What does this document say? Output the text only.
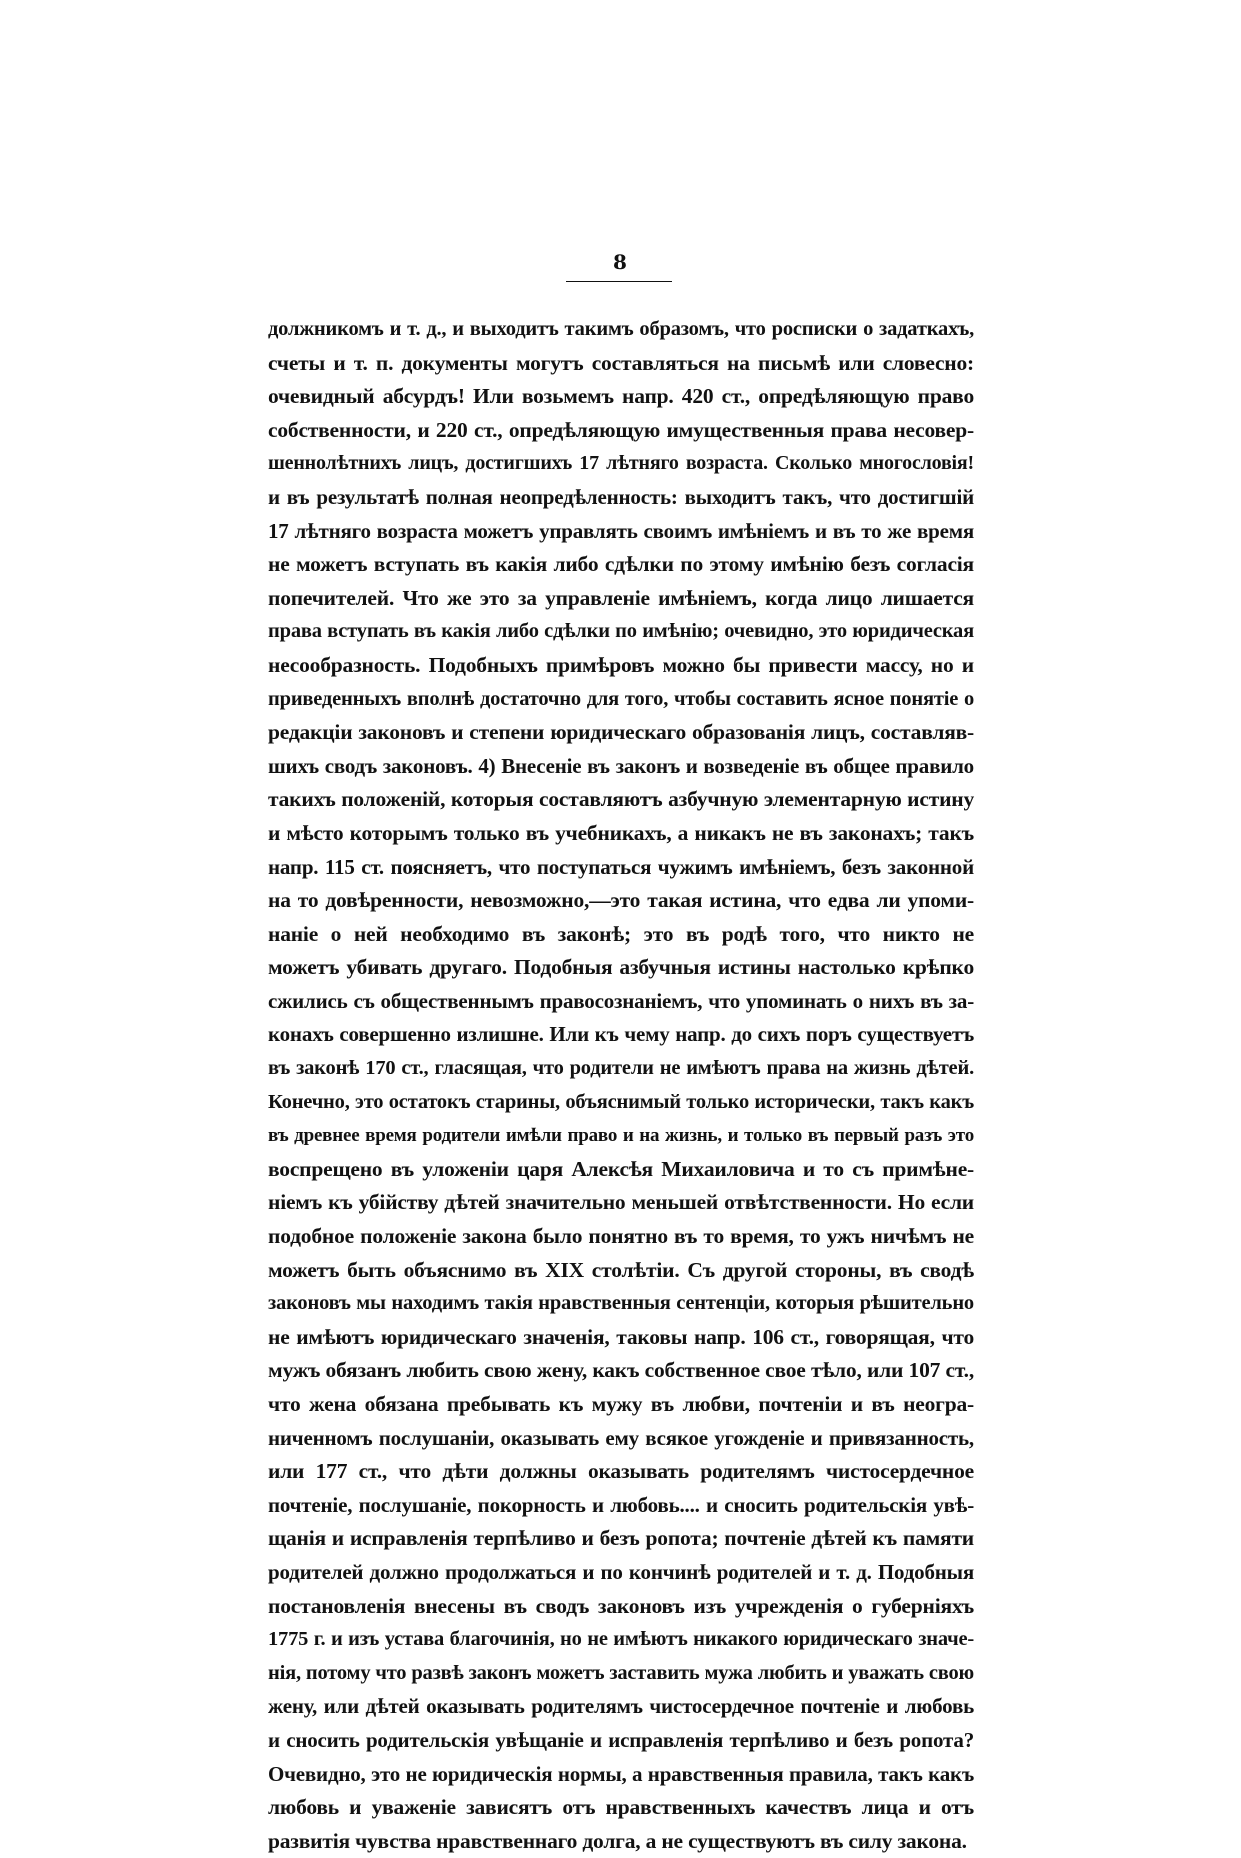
8
должникомъ и т. д., и выходитъ такимъ образомъ, что росписки о задаткахъ,
счеты и т. п. документы могутъ составляться на письмѣ или словесно:
очевидный абсурдъ! Или возьмемъ напр. 420 ст., опредѣляющую право
собственности, и 220 ст., опредѣляющую имущественныя права несовер-
шеннолѣтнихъ лицъ, достигшихъ 17 лѣтняго возраста. Сколько многословія!
и въ результатѣ полная неопредѣленность: выходитъ такъ, что достигшій
17 лѣтняго возраста можетъ управлять своимъ имѣніемъ и въ то же время
не можетъ вступать въ какія либо сдѣлки по этому имѣнію безъ согласія
попечителей. Что же это за управленіе имѣніемъ, когда лицо лишается
права вступать въ какія либо сдѣлки по имѣнію; очевидно, это юридическая
несообразность. Подобныхъ примѣровъ можно бы привести массу, но и
приведенныхъ вполнѣ достаточно для того, чтобы составить ясное понятіе о
редакціи законовъ и степени юридическаго образованія лицъ, составляв-
шихъ сводъ законовъ. 4) Внесеніе въ законъ и возведеніе въ общее правило
такихъ положеній, которыя составляютъ азбучную элементарную истину
и мѣсто которымъ только въ учебникахъ, а никакъ не въ законахъ; такъ
напр. 115 ст. поясняетъ, что поступаться чужимъ имѣніемъ, безъ законной
на то довѣренности, невозможно,—это такая истина, что едва ли упоми-
наніе о ней необходимо въ законѣ; это въ родѣ того, что никто не
можетъ убивать другаго. Подобныя азбучныя истины настолько крѣпко
сжились съ общественнымъ правосознаніемъ, что упоминать о нихъ въ за-
конахъ совершенно излишне. Или къ чему напр. до сихъ поръ существуетъ
въ законѣ 170 ст., гласящая, что родители не имѣютъ права на жизнь дѣтей.
Конечно, это остатокъ старины, объяснимый только исторически, такъ какъ
въ древнее время родители имѣли право и на жизнь, и только въ первый разъ это
воспрещено въ уложеніи царя Алексѣя Михаиловича и то съ примѣне-
ніемъ къ убійству дѣтей значительно меньшей отвѣтственности. Но если
подобное положеніе закона было понятно въ то время, то ужъ ничѣмъ не
можетъ быть объяснимо въ XIX столѣтіи. Съ другой стороны, въ сводѣ
законовъ мы находимъ такія нравственныя сентенціи, которыя рѣшительно
не имѣютъ юридическаго значенія, таковы напр. 106 ст., говорящая, что
мужъ обязанъ любить свою жену, какъ собственное свое тѣло, или 107 ст.,
что жена обязана пребывать къ мужу въ любви, почтеніи и въ неогра-
ниченномъ послушаніи, оказывать ему всякое угожденіе и привязанность,
или 177 ст., что дѣти должны оказывать родителямъ чистосердечное
почтеніе, послушаніе, покорность и любовь.... и сносить родительскія увѣ-
щанія и исправленія терпѣливо и безъ ропота; почтеніе дѣтей къ памяти
родителей должно продолжаться и по кончинѣ родителей и т. д. Подобныя
постановленія внесены въ сводъ законовъ изъ учрежденія о губерніяхъ
1775 г. и изъ устава благочинія, но не имѣютъ никакого юридическаго значе-
нія, потому что развѣ законъ можетъ заставить мужа любить и уважать свою
жену, или дѣтей оказывать родителямъ чистосердечное почтеніе и любовь
и сносить родительскія увѣщаніе и исправленія терпѣливо и безъ ропота?
Очевидно, это не юридическія нормы, а нравственныя правила, такъ какъ
любовь и уваженіе зависятъ отъ нравственныхъ качествъ лица и отъ
развитія чувства нравственнаго долга, а не существуютъ въ силу закона.
